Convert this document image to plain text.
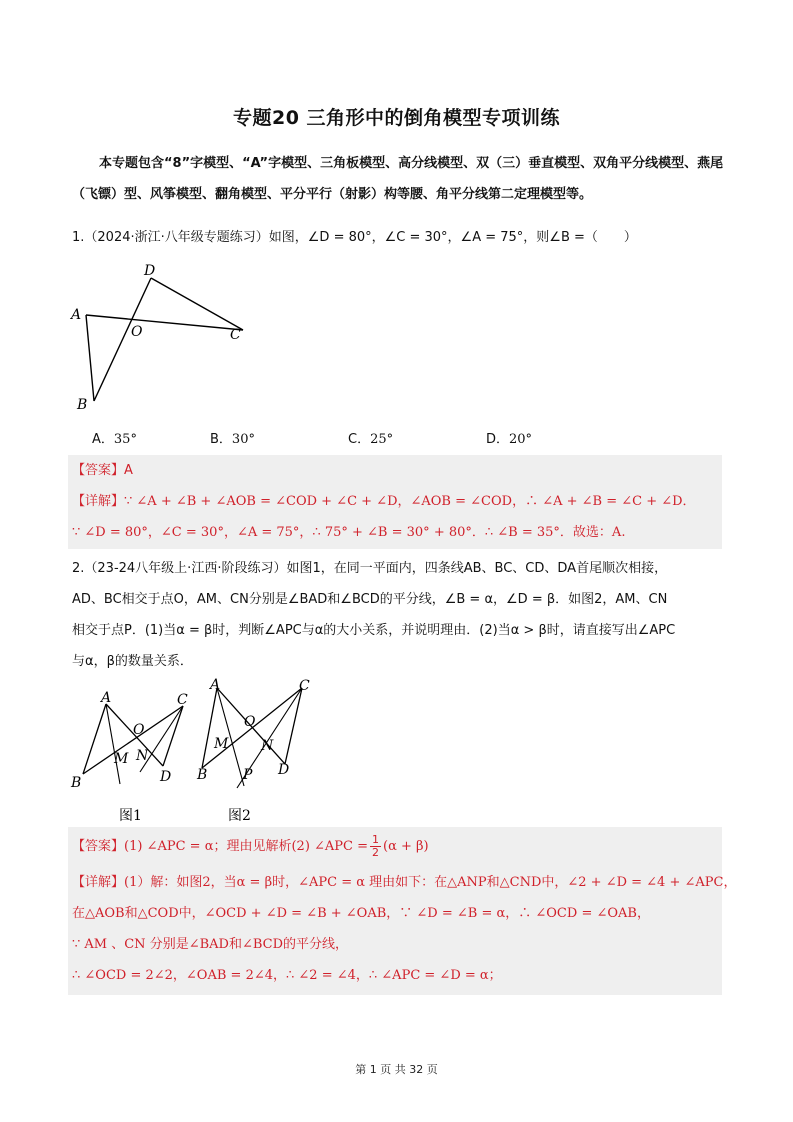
专题20 三角形中的倒角模型专项训练
本专题包含“8”字模型、“A”字模型、三角板模型、高分线模型、双（三）垂直模型、双角平分线模型、燕尾（飞镖）型、风筝模型、翻角模型、平分平行（射影）构等腰、角平分线第二定理模型等。
1.（2024·浙江·八年级专题练习）如图，∠D = 80°，∠C = 30°，∠A = 75°，则∠B =（　　）
D
A
O	C
B
A．35°	B．30°	C．25°	D．20°
【答案】A
【详解】∵ ∠A + ∠B + ∠AOB = ∠COD + ∠C + ∠D，∠AOB = ∠COD，∴ ∠A + ∠B = ∠C + ∠D．
∵ ∠D = 80°，∠C = 30°，∠A = 75°，∴ 75° + ∠B = 30° + 80°．∴ ∠B = 35°．故选：A.
2.（23-24八年级上·江西·阶段练习）如图1，在同一平面内，四条线AB、BC、CD、DA首尾顺次相接，
AD、BC相交于点O，AM、CN分别是∠BAD和∠BCD的平分线，∠B = α，∠D = β．如图2，AM、CN
相交于点P．(1)当α = β时，判断∠APC与α的大小关系，并说明理由．(2)当α > β时，请直接写出∠APC
与α，β的数量关系．
A	C
O
M N
B	D
图1
A	C
O
M N
B	P D
图2
【答案】(1) ∠APC = α；理由见解析(2) ∠APC = $\frac{1}{2} (\alpha + \beta)$
【详解】(1）解：如图2，当α = β时，∠APC = α 理由如下：在△ANP和△CND中，∠2 + ∠D = ∠4 + ∠APC，
在△AOB和△COD中，∠OCD + ∠D = ∠B + ∠OAB，∵ ∠D = ∠B = α，∴ ∠OCD = ∠OAB，
∵ AM 、CN 分别是∠BAD和∠BCD的平分线，
∴ ∠OCD = 2∠2，∠OAB = 2∠4，∴ ∠2 = ∠4，∴ ∠APC = ∠D = α；
第 1 页 共 32 页
